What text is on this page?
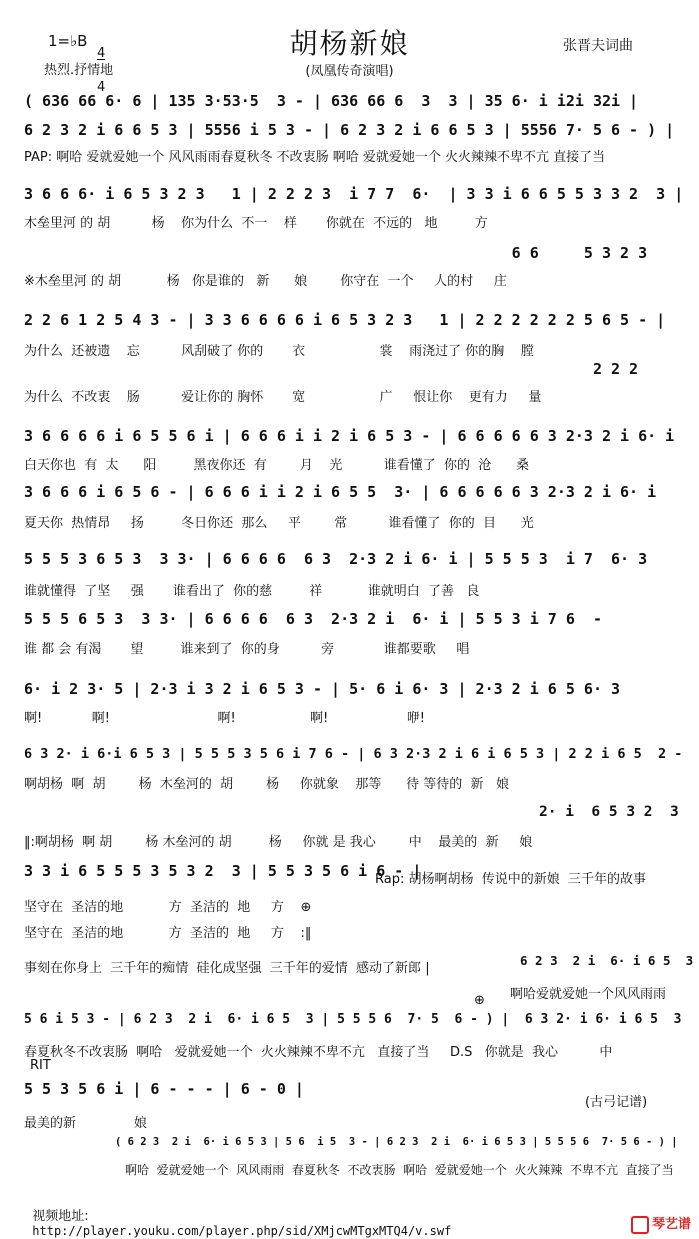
胡杨新娘
1=♭B

4

4

热烈.抒情地
张晋夫词曲
(凤凰传奇演唱)
( 636 66 6· 6 | 135 3·53·5  3 - | 636 66 6  3  3 | 35 6· i i2i 32i |
6 2 3 2 i 6 6 5 3 | 5556 i 5 3 - | 6 2 3 2 i 6 6 5 3 | 5556 7· 5 6 - ) |
PAP: 啊哈 爱就爱她一个 风风雨雨春夏秋冬 不改衷肠 啊哈 爱就爱她一个 火火辣辣不卑不亢 直接了当
3 6 6 6· i 6 5 3 2 3   1 | 2 2 2 3  i 7 7  6·  | 3 3 i 6 6 5 5 3 3 2  3 |
木垒里河 的 胡          杨    你为什么  不一    样       你就在  不远的   地         方
6 6     5 3 2 3
※木垒里河 的 胡           杨   你是谁的   新      娘        你守在  一个     人的村     庄
2 2 6 1 2 5 4 3 - | 3 3 6 6 6 6 i 6 5 3 2 3   1 | 2 2 2 2 2 2 5 6 5 - |
为什么  还被遗    忘          风刮破了 你的       衣                  裳    雨浇过了 你的胸    膛
2 2 2
为什么  不改衷    肠          爱让你的 胸怀       宽                  广     恨让你    更有力     量
3 6 6 6 6 i 6 5 5 6 i | 6 6 6 i i 2 i 6 5 3 - | 6 6 6 6 6 3 2·3 2 i 6· i
白天你也  有  太      阳         黑夜你还  有        月    光          谁看懂了  你的  沧      桑
3 6 6 6 i 6 5 6 - | 6 6 6 i i 2 i 6 5 5  3· | 6 6 6 6 6 3 2·3 2 i 6· i
夏天你  热情昂     扬         冬日你还  那么     平        常          谁看懂了  你的  目      光
5 5 5 3 6 5 3  3 3· | 6 6 6 6  6 3  2·3 2 i 6· i | 5 5 5 3  i 7  6· 3
谁就懂得  了坚     强       谁看出了  你的慈         祥           谁就明白  了善   良
5 5 5 6 5 3  3 3· | 6 6 6 6  6 3  2·3 2 i  6· i | 5 5 3 i 7 6  -
谁 都 会 有渴       望         谁来到了  你的身          旁            谁都要歌     唱
6· i 2 3· 5 | 2·3 i 3 2 i 6 5 3 - | 5· 6 i 6· 3 | 2·3 2 i 6 5 6· 3
啊!            啊!                          啊!                  啊!                   咿!
6 3 2· i 6·i 6 5 3 | 5 5 5 3 5 6 i 7 6 - | 6 3 2·3 2 i 6 i 6 5 3 | 2 2 i 6 5  2 -
啊胡杨  啊  胡        杨  木垒河的  胡        杨     你就象    那等      待 等待的  新   娘
2· i  6 5 3 2  3
‖:啊胡杨  啊 胡        杨 木垒河的 胡         杨     你就 是 我心        中    最美的  新     娘
3 3 i 6 5 5 5 3 5 3 2  3 | 5 5 3 5 6 i 6 - |
Rap: 胡杨啊胡杨  传说中的新娘  三千年的故事
坚守在  圣洁的地           方  圣洁的  地     方    ⊕
坚守在  圣洁的地           方  圣洁的  地     方    :‖
事刻在你身上  三千年的痴情  硅化成坚强  三千年的爱情  感动了新郎 |
6 2 3  2 i  6· i 6 5  3
啊哈爱就爱她一个风风雨雨
⊕
5 6 i 5 3 - | 6 2 3  2 i  6· i 6 5  3 | 5 5 5 6  7· 5  6 - ) |  6 3 2· i 6· i 6 5  3
春夏秋冬不改衷肠  啊哈   爱就爱她一个  火火辣辣不卑不亢   直接了当     D.S   你就是  我心          中
RIT
5 5 3 5 6 i | 6 - - - | 6 - 0 |
最美的新              娘
(古弓记谱)
( 6 2 3  2 i  6· i 6 5 3 | 5 6  i 5  3 - | 6 2 3  2 i  6· i 6 5 3 | 5 5 5 6  7· 5 6 - ) |
啊哈  爱就爱她一个  风风雨雨  春夏秋冬  不改衷肠  啊哈  爱就爱她一个  火火辣辣  不卑不亢  直接了当

视频地址:
http://player.youku.com/player.php/sid/XMjcwMTgxMTQ4/v.swf	琴艺谱
